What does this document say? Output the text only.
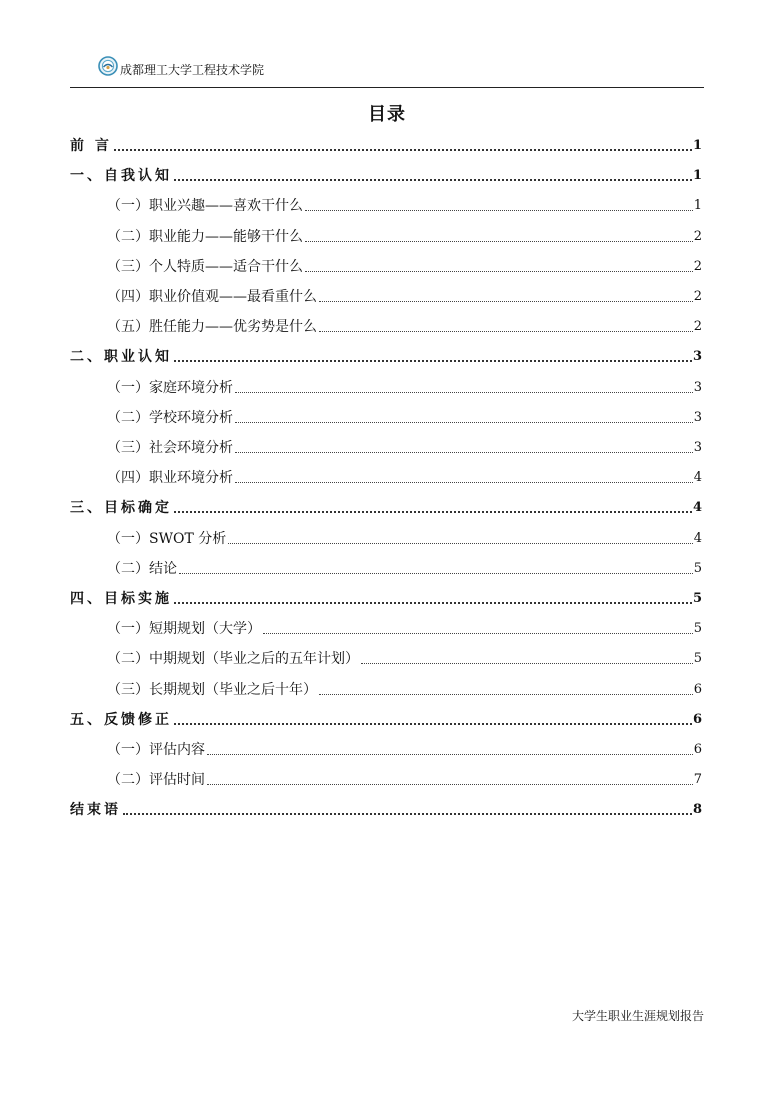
成都理工大学工程技术学院
目录
前 言	1
一、自我认知	1
（一）职业兴趣——喜欢干什么	1
（二）职业能力——能够干什么	2
（三）个人特质——适合干什么	2
（四）职业价值观——最看重什么	2
（五）胜任能力——优劣势是什么	2
二、职业认知	3
（一）家庭环境分析	3
（二）学校环境分析	3
（三）社会环境分析	3
（四）职业环境分析	4
三、目标确定	4
（一）SWOT 分析	4
（二）结论	5
四、目标实施	5
（一）短期规划（大学）	5
（二）中期规划（毕业之后的五年计划）	5
（三）长期规划（毕业之后十年）	6
五、反馈修正	6
（一）评估内容	6
（二）评估时间	7
结束语	8
大学生职业生涯规划报告
